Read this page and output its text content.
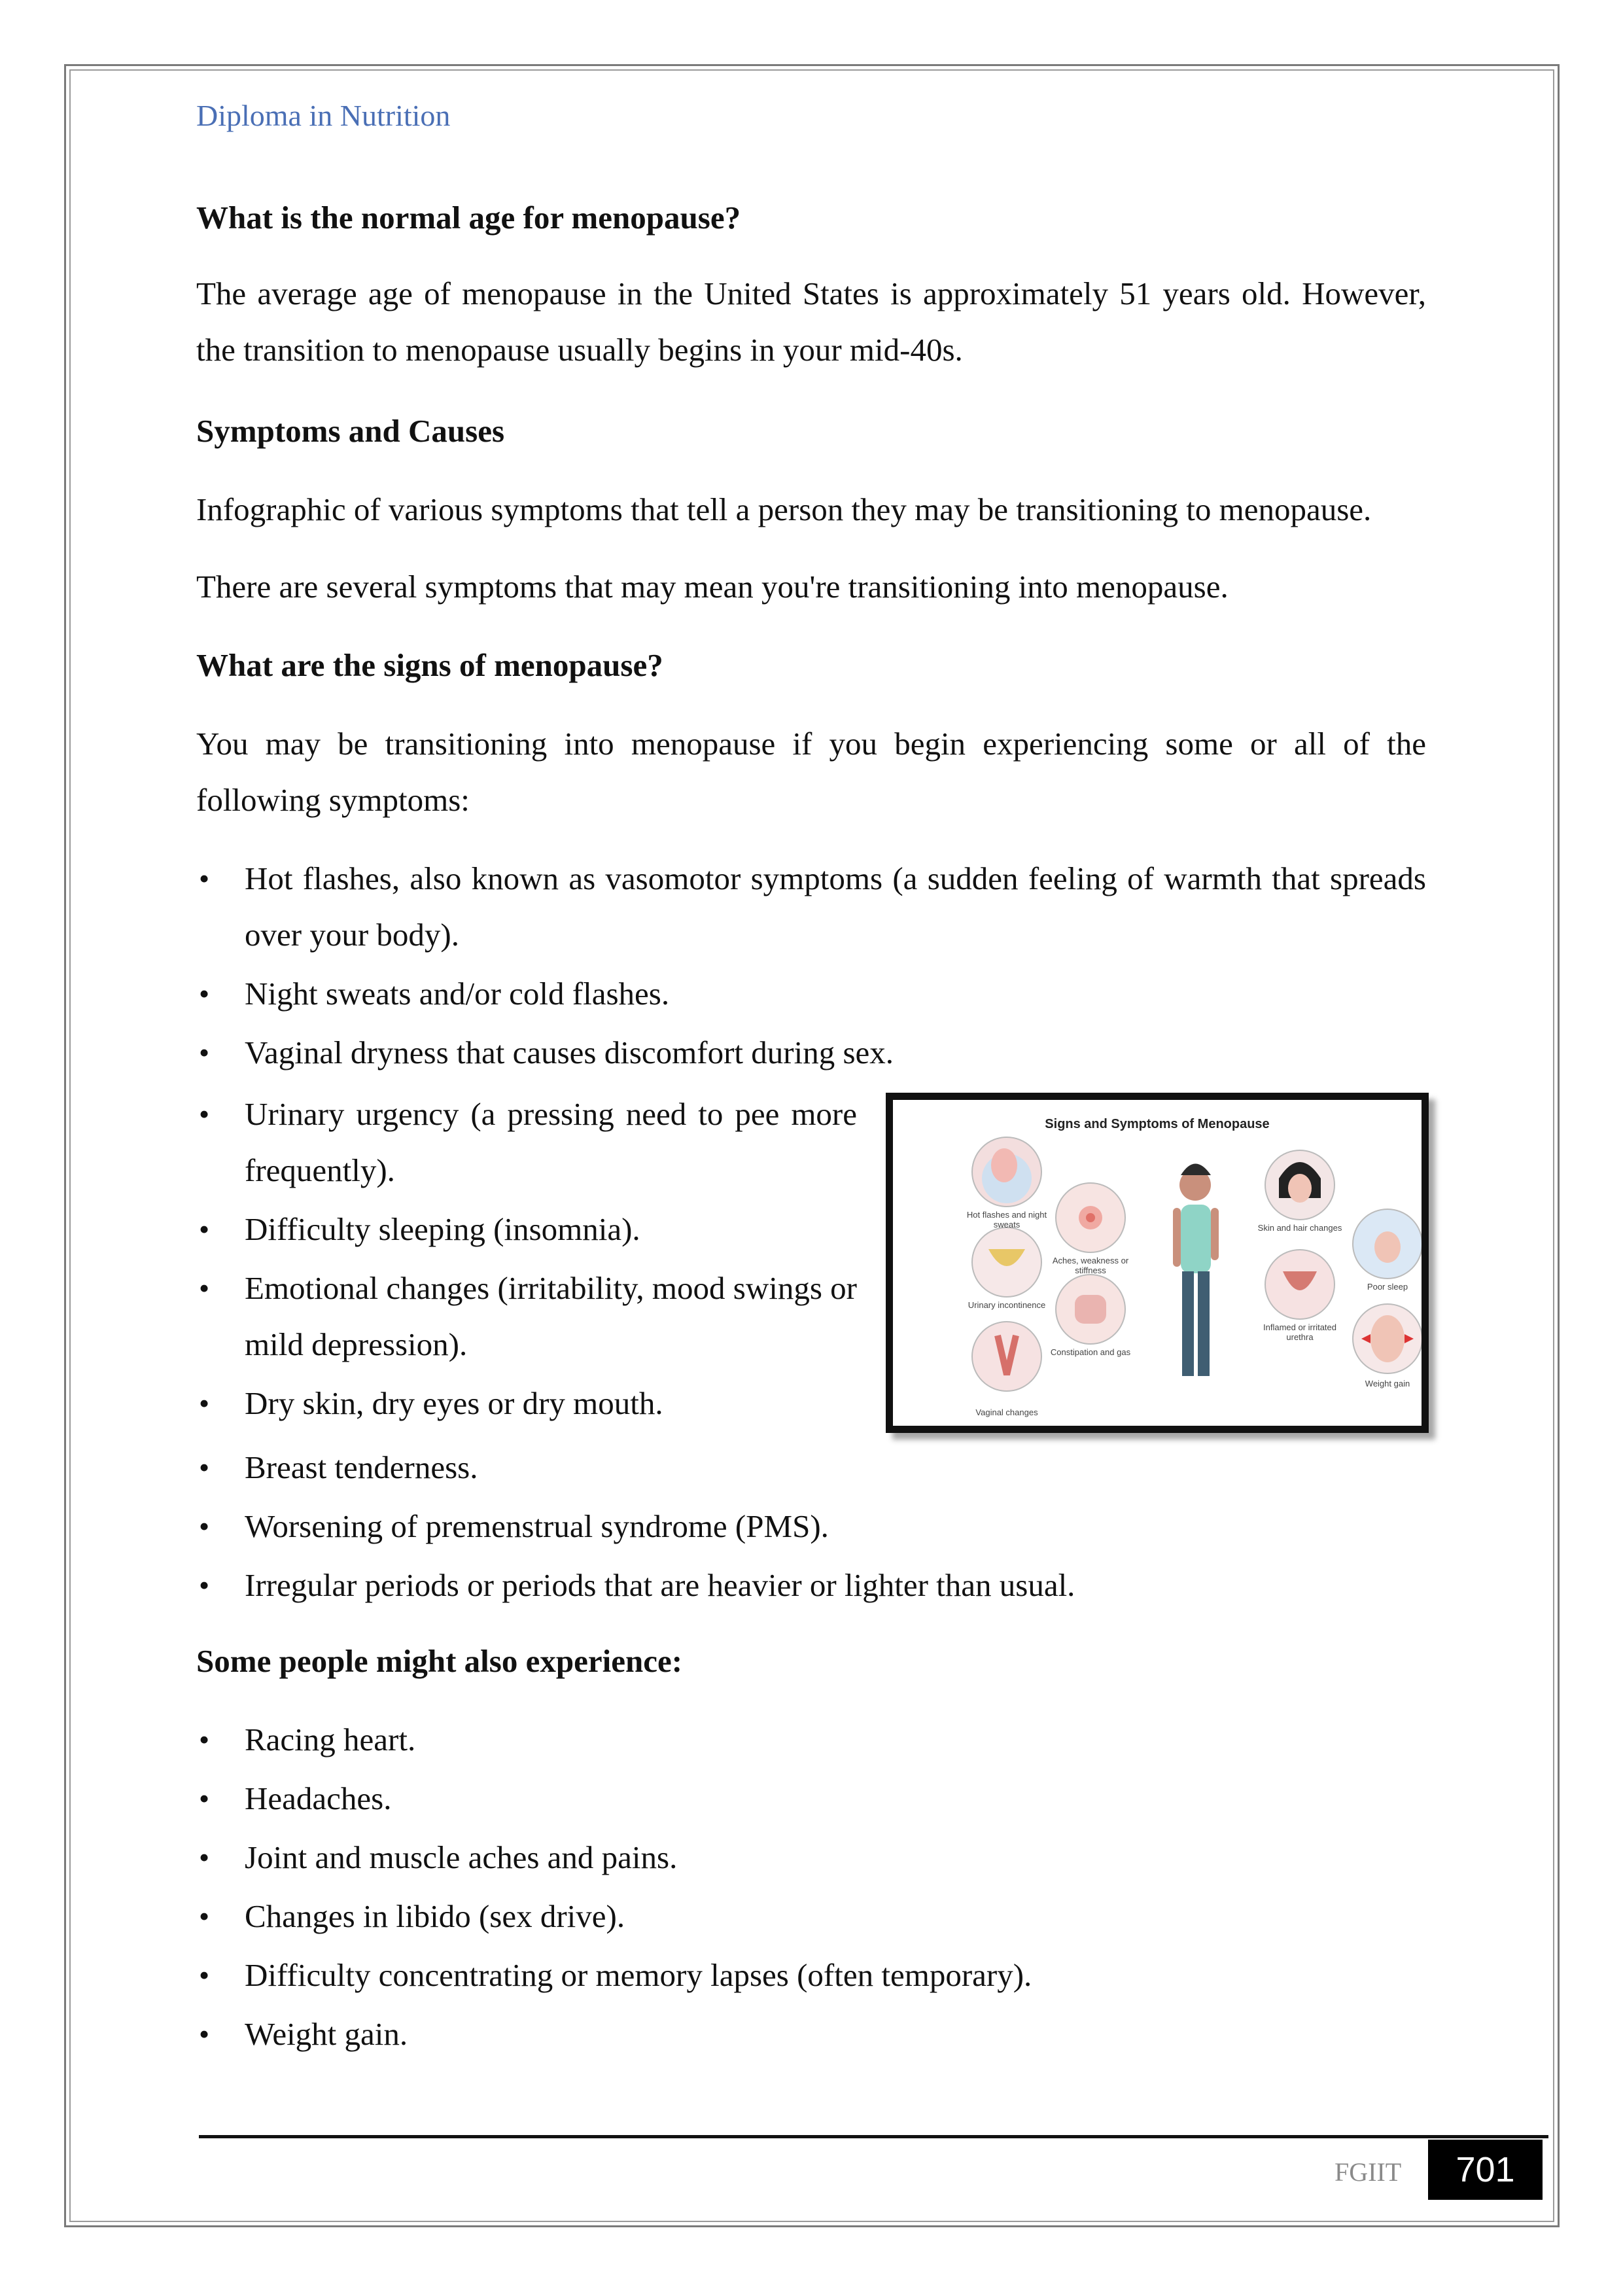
Diploma in Nutrition

What is the normal age for menopause?

The average age of menopause in the United States is approximately 51 years old. However, the transition to menopause usually begins in your mid-40s.

Symptoms and Causes

Infographic of various symptoms that tell a person they may be transitioning to menopause.

There are several symptoms that may mean you're transitioning into menopause.

What are the signs of menopause?

You may be transitioning into menopause if you begin experiencing some or all of the following symptoms:

• Hot flashes, also known as vasomotor symptoms (a sudden feeling of warmth that spreads over your body).
• Night sweats and/or cold flashes.
• Vaginal dryness that causes discomfort during sex.
• Urinary urgency (a pressing need to pee more frequently).
• Difficulty sleeping (insomnia).
• Emotional changes (irritability, mood swings or mild depression).
• Dry skin, dry eyes or dry mouth.
• Breast tenderness.
• Worsening of premenstrual syndrome (PMS).
• Irregular periods or periods that are heavier or lighter than usual.

Some people might also experience:

• Racing heart.
• Headaches.
• Joint and muscle aches and pains.
• Changes in libido (sex drive).
• Difficulty concentrating or memory lapses (often temporary).
• Weight gain.
Signs and Symptoms of Menopause
Hot flashes and night sweats
Aches, weakness or stiffness
Urinary incontinence
Constipation and gas
Vaginal changes
Skin and hair changes
Poor sleep
Inflamed or irritated urethra
Weight gain
FGIIT	701
